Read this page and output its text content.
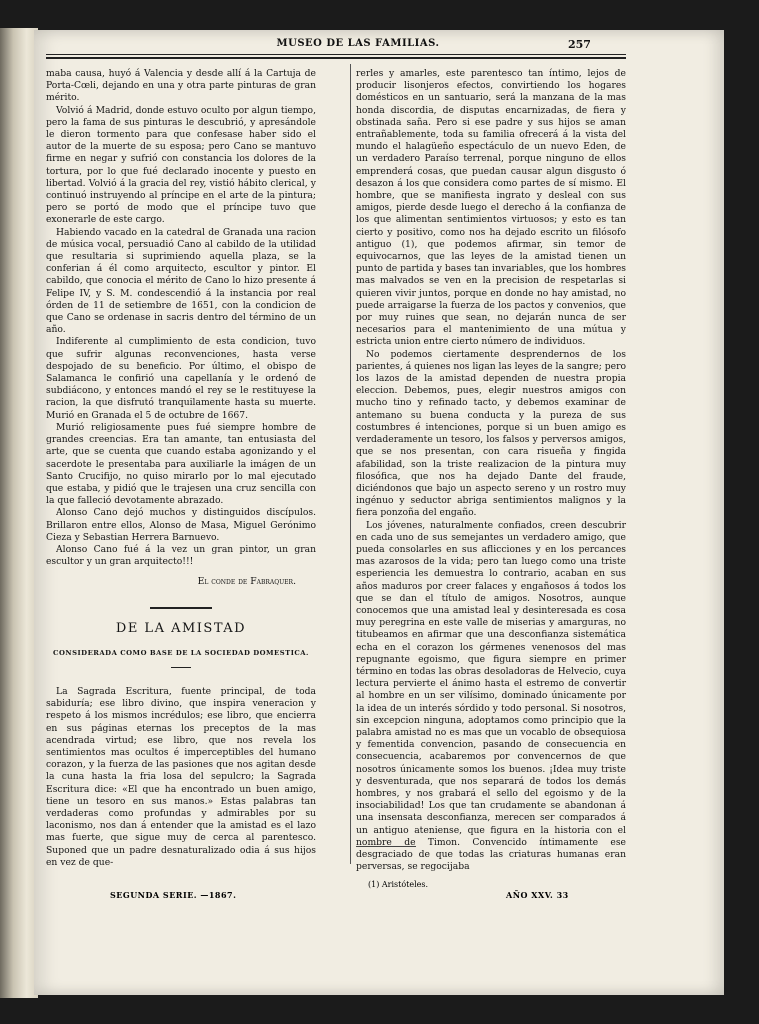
MUSEO DE LAS FAMILIAS.	257

maba causa, huyó á Valencia y desde allí á la Cartuja de Porta-Cœli, dejando en una y otra parte pinturas de gran mérito.

Volvió á Madrid, donde estuvo oculto por algun tiempo, pero la fama de sus pinturas le descubrió, y apresándole le dieron tormento para que confesase haber sido el autor de la muerte de su esposa; pero Cano se mantuvo firme en negar y sufrió con constancia los dolores de la tortura, por lo que fué declarado inocente y puesto en libertad. Volvió á la gracia del rey, vistió hábito clerical, y continuó instruyendo al príncipe en el arte de la pintura; pero se portó de modo que el príncipe tuvo que exonerarle de este cargo.

Habiendo vacado en la catedral de Granada una racion de música vocal, persuadió Cano al cabildo de la utilidad que resultaria si suprimiendo aquella plaza, se la conferian á él como arquitecto, escultor y pintor. El cabildo, que conocia el mérito de Cano lo hizo presente á Felipe IV, y S. M. condescendió á la instancia por real órden de 11 de setiembre de 1651, con la condicion de que Cano se ordenase in sacris dentro del término de un año.

Indiferente al cumplimiento de esta condicion, tuvo que sufrir algunas reconvenciones, hasta verse despojado de su beneficio. Por último, el obispo de Salamanca le confirió una capellanía y le ordenó de subdiácono, y entonces mandó el rey se le restituyese la racion, la que disfrutó tranquilamente hasta su muerte. Murió en Granada el 5 de octubre de 1667.

Murió religiosamente pues fué siempre hombre de grandes creencias. Era tan amante, tan entusiasta del arte, que se cuenta que cuando estaba agonizando y el sacerdote le presentaba para auxiliarle la imágen de un Santo Crucifijo, no quiso mirarlo por lo mal ejecutado que estaba, y pidió que le trajesen una cruz sencilla con la que falleció devotamente abrazado.

Alonso Cano dejó muchos y distinguidos discípulos. Brillaron entre ellos, Alonso de Masa, Miguel Gerónimo Cieza y Sebastian Herrera Barnuevo.

Alonso Cano fué á la vez un gran pintor, un gran escultor y un gran arquitecto!!!

El conde de Fabraquer.

DE LA AMISTAD

CONSIDERADA COMO BASE DE LA SOCIEDAD DOMESTICA.

La Sagrada Escritura, fuente principal, de toda sabiduría; ese libro divino, que inspira veneracion y respeto á los mismos incrédulos; ese libro, que encierra en sus páginas eternas los preceptos de la mas acendrada virtud; ese libro, que nos revela los sentimientos mas ocultos é imperceptibles del humano corazon, y la fuerza de las pasiones que nos agitan desde la cuna hasta la fria losa del sepulcro; la Sagrada Escritura dice: «El que ha encontrado un buen amigo, tiene un tesoro en sus manos.» Estas palabras tan verdaderas como profundas y admirables por su laconismo, nos dan á entender que la amistad es el lazo mas fuerte, que sigue muy de cerca al parentesco. Suponed que un padre desnaturalizado odia á sus hijos en vez de que-

rerles y amarles, este parentesco tan íntimo, lejos de producir lisonjeros efectos, convirtiendo los hogares domésticos en un santuario, será la manzana de la mas honda discordia, de disputas encarnizadas, de fiera y obstinada saña. Pero si ese padre y sus hijos se aman entrañablemente, toda su familia ofrecerá á la vista del mundo el halagüeño espectáculo de un nuevo Eden, de un verdadero Paraíso terrenal, porque ninguno de ellos emprenderá cosas, que puedan causar algun disgusto ó desazon á los que considera como partes de sí mismo. El hombre, que se manifiesta ingrato y desleal con sus amigos, pierde desde luego el derecho á la confianza de los que alimentan sentimientos virtuosos; y esto es tan cierto y positivo, como nos ha dejado escrito un filósofo antiguo (1), que podemos afirmar, sin temor de equivocarnos, que las leyes de la amistad tienen un punto de partida y bases tan invariables, que los hombres mas malvados se ven en la precision de respetarlas si quieren vivir juntos, porque en donde no hay amistad, no puede arraigarse la fuerza de los pactos y convenios, que por muy ruines que sean, no dejarán nunca de ser necesarios para el mantenimiento de una mútua y estricta union entre cierto número de individuos.

No podemos ciertamente desprendernos de los parientes, á quienes nos ligan las leyes de la sangre; pero los lazos de la amistad dependen de nuestra propia eleccion. Debemos, pues, elegir nuestros amigos con mucho tino y refinado tacto, y debemos examinar de antemano su buena conducta y la pureza de sus costumbres é intenciones, porque si un buen amigo es verdaderamente un tesoro, los falsos y perversos amigos, que se nos presentan, con cara risueña y fingida afabilidad, son la triste realizacion de la pintura muy filosófica, que nos ha dejado Dante del fraude, diciéndonos que bajo un aspecto sereno y un rostro muy ingénuo y seductor abriga sentimientos malignos y la fiera ponzoña del engaño.

Los jóvenes, naturalmente confiados, creen descubrir en cada uno de sus semejantes un verdadero amigo, que pueda consolarles en sus aflicciones y en los percances mas azarosos de la vida; pero tan luego como una triste esperiencia les demuestra lo contrario, acaban en sus años maduros por creer falaces y engañosos á todos los que se dan el título de amigos. Nosotros, aunque conocemos que una amistad leal y desinteresada es cosa muy peregrina en este valle de miserias y amarguras, no titubeamos en afirmar que una desconfianza sistemática echa en el corazon los gérmenes venenosos del mas repugnante egoismo, que figura siempre en primer término en todas las obras desoladoras de Helvecio, cuya lectura pervierte el ánimo hasta el estremo de convertir al hombre en un ser vilísimo, dominado únicamente por la idea de un interés sórdido y todo personal. Si nosotros, sin excepcion ninguna, adoptamos como principio que la palabra amistad no es mas que un vocablo de obsequiosa y fementida convencion, pasando de consecuencia en consecuencia, acabaremos por convencernos de que nosotros únicamente somos los buenos. ¡Idea muy triste y desventurada, que nos separará de todos los demás hombres, y nos grabará el sello del egoismo y de la insociabilidad! Los que tan crudamente se abandonan á una insensata desconfianza, merecen ser comparados á un antiguo ateniense, que figura en la historia con el nombre de Timon. Convencido íntimamente ese desgraciado de que todas las criaturas humanas eran perversas, se regocijaba

(1) Aristóteles.
SEGUNDA SERIE. —1867.	AÑO XXV. 33
